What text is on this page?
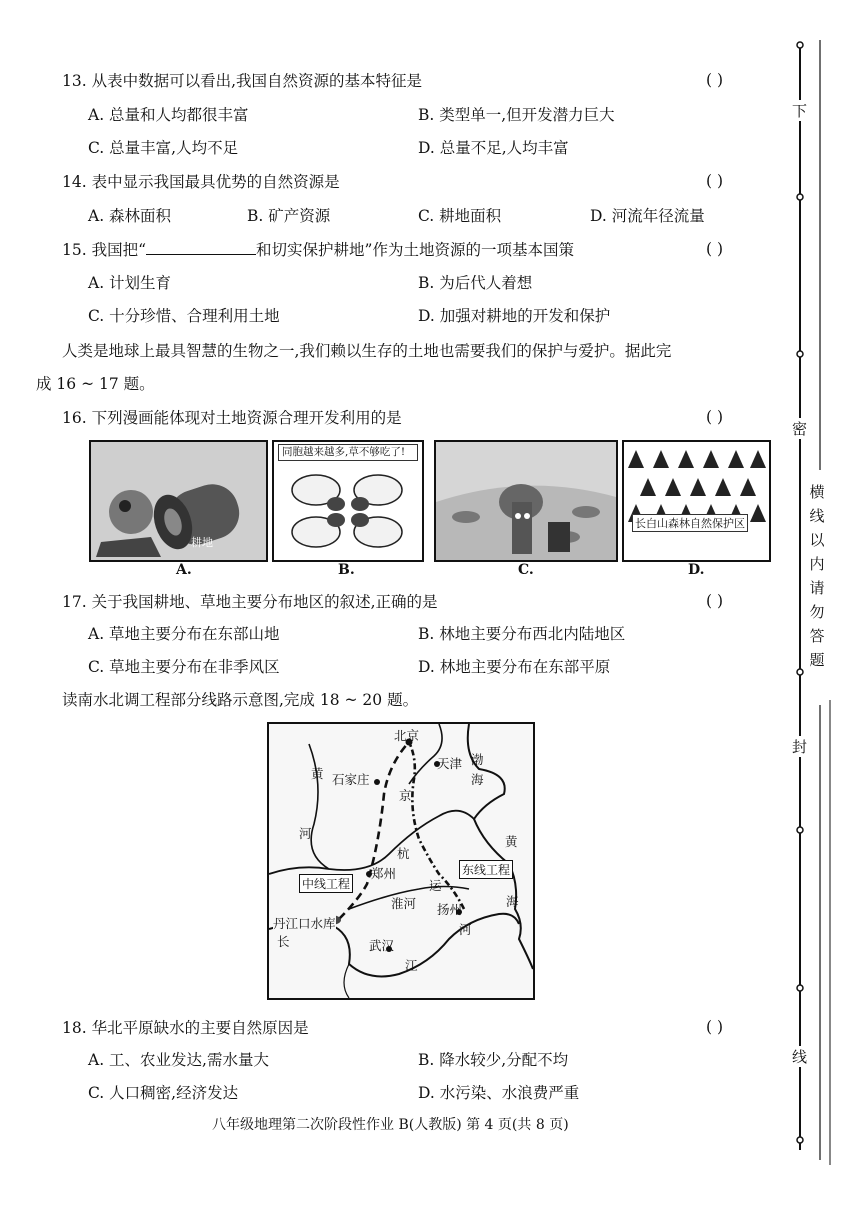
13. 从表中数据可以看出,我国自然资源的基本特征是	( )
A. 总量和人均都很丰富	B. 类型单一,但开发潜力巨大
C. 总量丰富,人均不足	D. 总量不足,人均丰富
14. 表中显示我国最具优势的自然资源是	( )
A. 森林面积	B. 矿产资源	C. 耕地面积	D. 河流年径流量
15. 我国把“	和切实保护耕地”作为土地资源的一项基本国策	( )
A. 计划生育	B. 为后代人着想
C. 十分珍惜、合理利用土地	D. 加强对耕地的开发和保护
人类是地球上最具智慧的生物之一,我们赖以生存的土地也需要我们的保护与爱护。据此完
成 16 ~ 17 题。
16. 下列漫画能体现对土地资源合理开发利用的是	( )
耕地
A.
同胞越来越多,草不够吃了!
B.	C.
长白山森林自然保护区
D.
17. 关于我国耕地、草地主要分布地区的叙述,正确的是	( )
A. 草地主要分布在东部山地	B. 林地主要分布西北内陆地区
C. 草地主要分布在非季风区	D. 林地主要分布在东部平原
读南水北调工程部分线路示意图,完成 18 ~ 20 题。
北京
天津 渤
海
黄 石家庄
京
河
杭
黄
东线工程
中线工程
郑州
运
淮河	海
扬州
丹江口水库	河
长	武汉
江
18. 华北平原缺水的主要自然原因是	( )
A. 工、农业发达,需水量大	B. 降水较少,分配不均
C. 人口稠密,经济发达	D. 水污染、水浪费严重
八年级地理第二次阶段性作业 B(人教版) 第 4 页(共 8 页)
下
密
横
线
以
内
请
勿
答
题
封
线
